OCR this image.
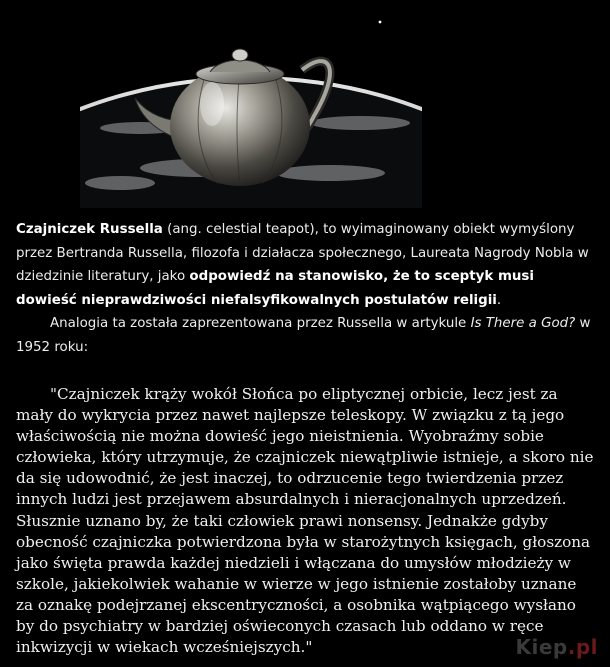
Czajniczek Russella (ang. celestial teapot), to wyimaginowany obiekt wymyślony przez Bertranda Russella, filozofa i działacza społecznego, Laureata Nagrody Nobla w dziedzinie literatury, jako odpowiedź na stanowisko, że to sceptyk musi dowieść nieprawdziwości niefalsyfikowalnych postulatów religii.
Analogia ta została zaprezentowana przez Russella w artykule Is There a God? w 1952 roku:
"Czajniczek krąży wokół Słońca po eliptycznej orbicie, lecz jest za mały do wykrycia przez nawet najlepsze teleskopy. W związku z tą jego właściwością nie można dowieść jego nieistnienia. Wyobraźmy sobie człowieka, który utrzymuje, że czajniczek niewątpliwie istnieje, a skoro nie da się udowodnić, że jest inaczej, to odrzucenie tego twierdzenia przez innych ludzi jest przejawem absurdalnych i nieracjonalnych uprzedzeń. Słusznie uznano by, że taki człowiek prawi nonsensy. Jednakże gdyby obecność czajniczka potwierdzona była w starożytnych księgach, głoszona jako święta prawda każdej niedzieli i włączana do umysłów młodzieży w szkole, jakiekolwiek wahanie w wierze w jego istnienie zostałoby uznane za oznakę podejrzanej ekscentryczności, a osobnika wątpiącego wysłano by do psychiatry w bardziej oświeconych czasach lub oddano w ręce inkwizycji w wiekach wcześniejszych."	Kiep.pl
